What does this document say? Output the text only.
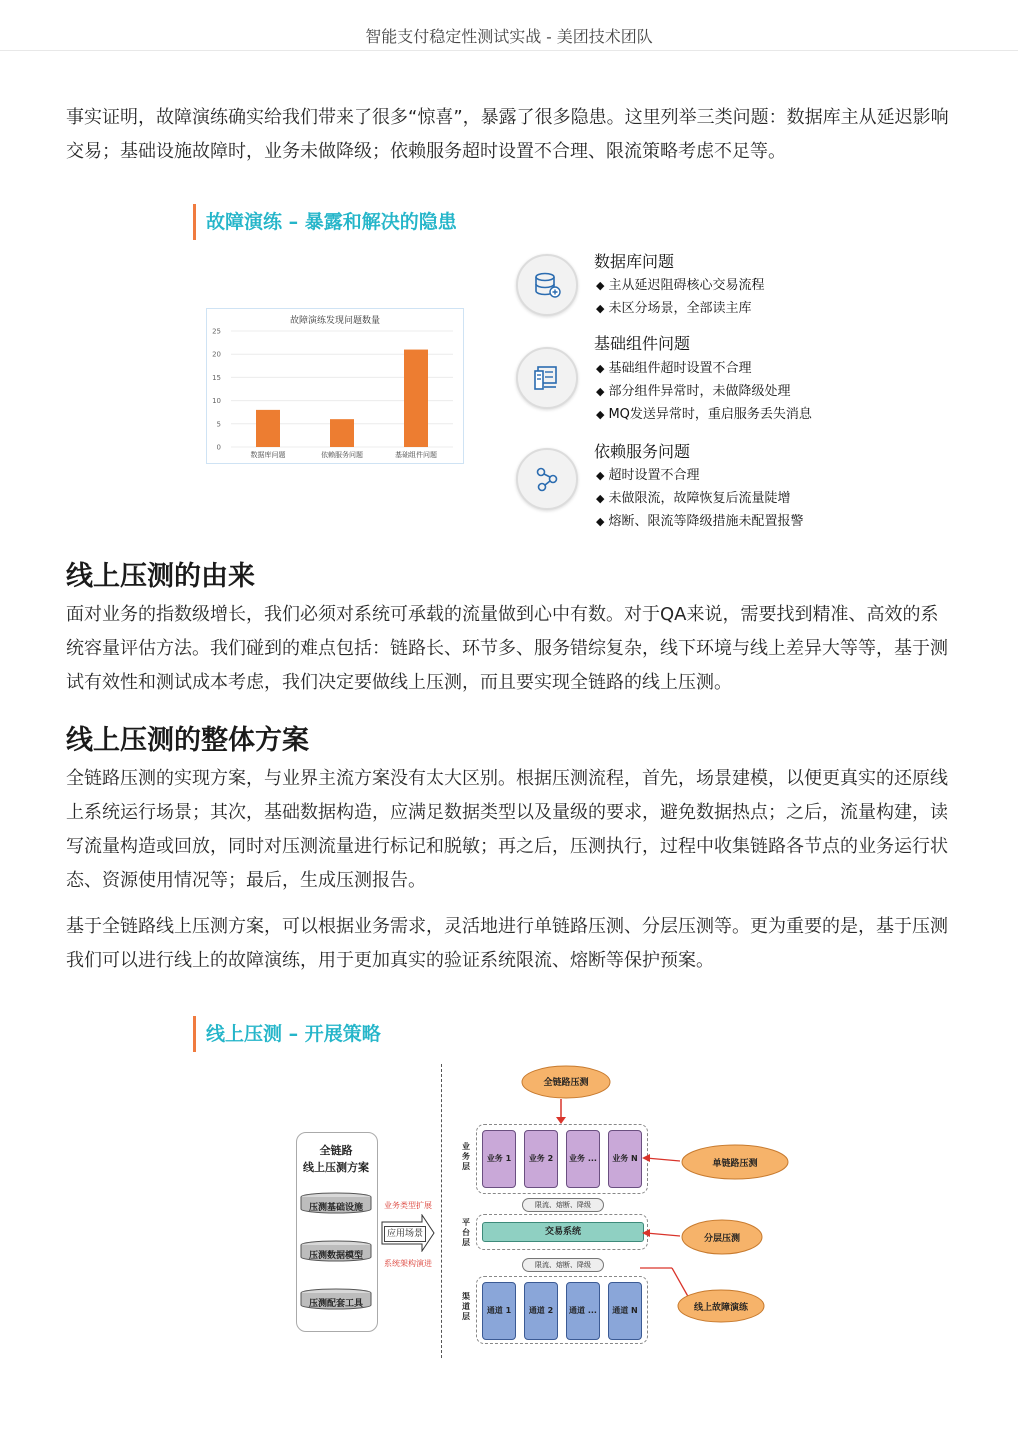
智能支付稳定性测试实战 - 美团技术团队

事实证明，故障演练确实给我们带来了很多“惊喜”，暴露了很多隐患。这里列举三类问题：数据库主从延迟影响交易；基础设施故障时，业务未做降级；依赖服务超时设置不合理、限流策略考虑不足等。

故障演练 – 暴露和解决的隐患
故障演练发现问题数量
0
5
10
15
20
25
数据库问题	依赖服务问题	基础组件问题
数据库问题
◆ 主从延迟阻碍核心交易流程
◆ 未区分场景，全部读主库
基础组件问题
◆ 基础组件超时设置不合理
◆ 部分组件异常时，未做降级处理
◆ MQ发送异常时，重启服务丢失消息
依赖服务问题
◆ 超时设置不合理
◆ 未做限流，故障恢复后流量陡增
◆ 熔断、限流等降级措施未配置报警
线上压测的由来

面对业务的指数级增长，我们必须对系统可承载的流量做到心中有数。对于QA来说，需要找到精准、高效的系统容量评估方法。我们碰到的难点包括：链路长、环节多、服务错综复杂，线下环境与线上差异大等等，基于测试有效性和测试成本考虑，我们决定要做线上压测，而且要实现全链路的线上压测。

线上压测的整体方案

全链路压测的实现方案，与业界主流方案没有太大区别。根据压测流程，首先，场景建模，以便更真实的还原线上系统运行场景；其次，基础数据构造，应满足数据类型以及量级的要求，避免数据热点；之后，流量构建，读写流量构造或回放，同时对压测流量进行标记和脱敏；再之后，压测执行，过程中收集链路各节点的业务运行状态、资源使用情况等；最后，生成压测报告。

基于全链路线上压测方案，可以根据业务需求，灵活地进行单链路压测、分层压测等。更为重要的是，基于压测我们可以进行线上的故障演练，用于更加真实的验证系统限流、熔断等保护预案。

线上压测 – 开展策略
全链路
线上压测方案
压测基础设施
压测数据模型
压测配套工具
业务类型扩展
应用场景
系统架构演进
全链路压测
业务层
业务 1	业务 2	业务 ...	业务 N
限流、熔断、降级
平台层
交易系统
限流、熔断、降级
渠道层
通道 1	通道 2	通道 ...	通道 N
单链路压测
分层压测
线上故障演练
